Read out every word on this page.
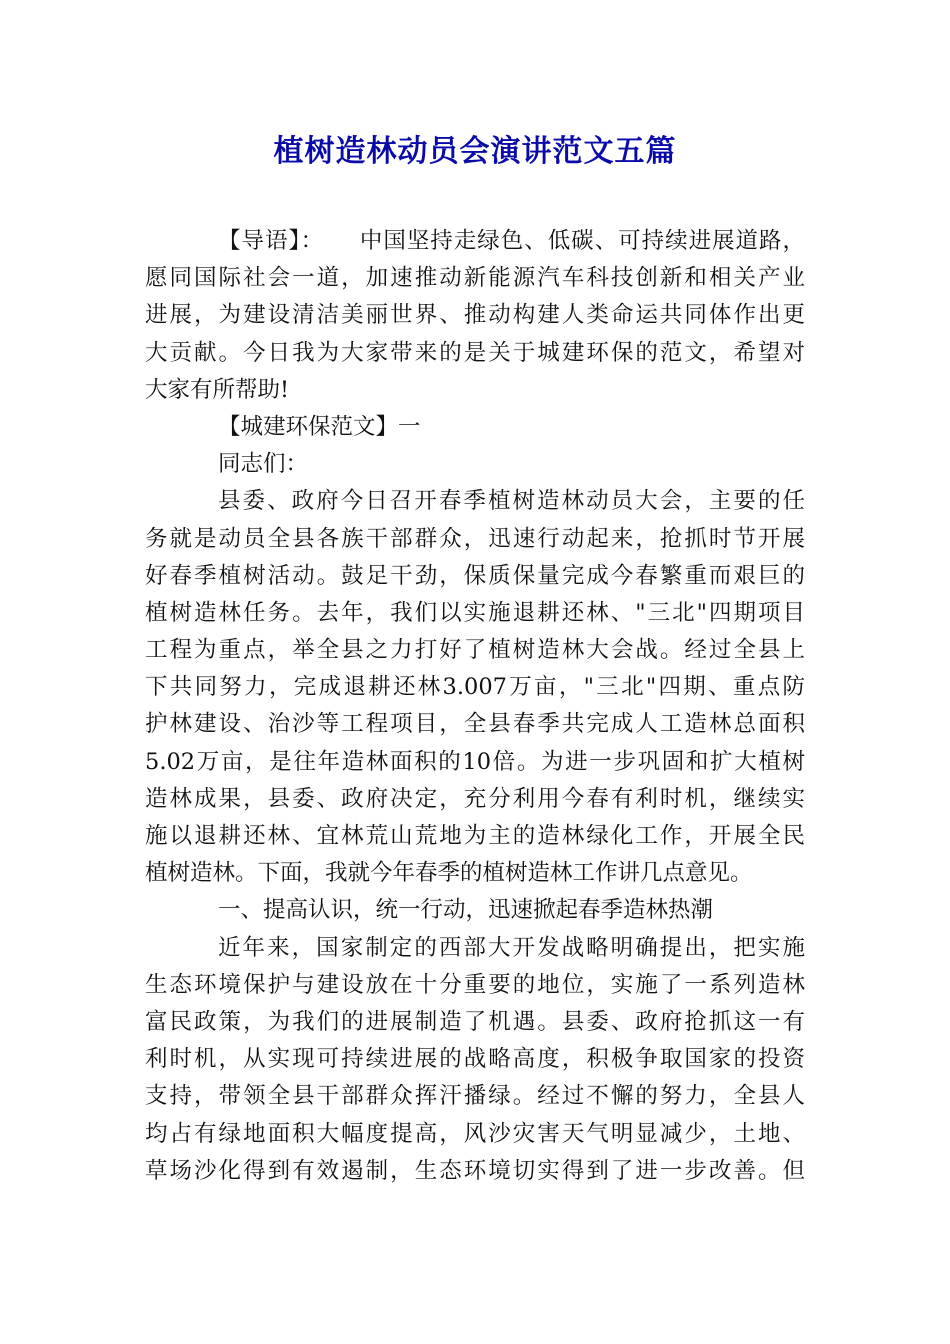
植树造林动员会演讲范文五篇
【导语】：　　中国坚持走绿色、低碳、可持续进展道路，
愿同国际社会一道，加速推动新能源汽车科技创新和相关产业
进展，为建设清洁美丽世界、推动构建人类命运共同体作出更
大贡献。今日我为大家带来的是关于城建环保的范文，希望对
大家有所帮助!
【城建环保范文】一
同志们：
县委、政府今日召开春季植树造林动员大会，主要的任
务就是动员全县各族干部群众，迅速行动起来，抢抓时节开展
好春季植树活动。鼓足干劲，保质保量完成今春繁重而艰巨的
植树造林任务。去年，我们以实施退耕还林、"三北"四期项目
工程为重点，举全县之力打好了植树造林大会战。经过全县上
下共同努力，完成退耕还林3.007万亩，"三北"四期、重点防
护林建设、治沙等工程项目，全县春季共完成人工造林总面积
5.02万亩，是往年造林面积的10倍。为进一步巩固和扩大植树
造林成果，县委、政府决定，充分利用今春有利时机，继续实
施以退耕还林、宜林荒山荒地为主的造林绿化工作，开展全民
植树造林。下面，我就今年春季的植树造林工作讲几点意见。
一、提高认识，统一行动，迅速掀起春季造林热潮
近年来，国家制定的西部大开发战略明确提出，把实施
生态环境保护与建设放在十分重要的地位，实施了一系列造林
富民政策，为我们的进展制造了机遇。县委、政府抢抓这一有
利时机，从实现可持续进展的战略高度，积极争取国家的投资
支持，带领全县干部群众挥汗播绿。经过不懈的努力，全县人
均占有绿地面积大幅度提高，风沙灾害天气明显减少，土地、
草场沙化得到有效遏制，生态环境切实得到了进一步改善。但
